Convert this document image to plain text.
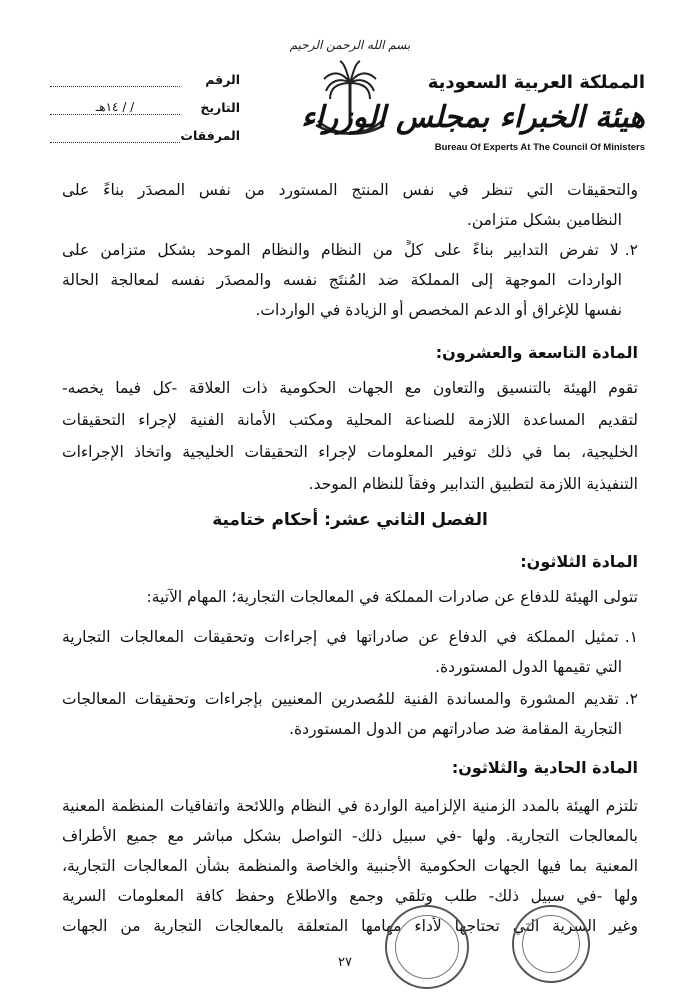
بسم الله الرحمن الرحيم
المملكة العربية السعودية
هيئة الخبراء بمجلس الوزراء
Bureau Of Experts At The Council Of Ministers
الرقم
التاريخ
/ / ١٤هـ
المرفقات
والتحقيقات التي تنظر في نفس المنتج المستورد من نفس المصدَر بناءً على
النظامين بشكل متزامن.
٢.لا تفرض التدابير بناءً على كلٍّ من النظام والنظام الموحد بشكل متزامن على
الواردات الموجهة إلى المملكة ضد المُنتَج نفسه والمصدَر نفسه لمعالجة الحالة
نفسها للإغراق أو الدعم المخصص أو الزيادة في الواردات.
المادة التاسعة والعشرون:
تقوم الهيئة بالتنسيق والتعاون مع الجهات الحكومية ذات العلاقة -كل فيما يخصه-
لتقديم المساعدة اللازمة للصناعة المحلية ومكتب الأمانة الفنية لإجراء التحقيقات
الخليجية، بما في ذلك توفير المعلومات لإجراء التحقيقات الخليجية واتخاذ الإجراءات
التنفيذية اللازمة لتطبيق التدابير وفقاً للنظام الموحد.
الفصل الثاني عشر: أحكام ختامية
المادة الثلاثون:
تتولى الهيئة للدفاع عن صادرات المملكة في المعالجات التجارية؛ المهام الآتية:
١.تمثيل المملكة في الدفاع عن صادراتها في إجراءات وتحقيقات المعالجات التجارية
التي تقيمها الدول المستوردة.
٢.تقديم المشورة والمساندة الفنية للمُصدرين المعنيين بإجراءات وتحقيقات المعالجات
التجارية المقامة ضد صادراتهم من الدول المستوردة.
المادة الحادية والثلاثون:
تلتزم الهيئة بالمدد الزمنية الإلزامية الواردة في النظام واللائحة واتفاقيات المنظمة المعنية
بالمعالجات التجارية. ولها -في سبيل ذلك- التواصل بشكل مباشر مع جميع الأطراف
المعنية بما فيها الجهات الحكومية الأجنبية والخاصة والمنظمة بشأن المعالجات التجارية،
ولها -في سبيل ذلك- طلب وتلقي وجمع والاطلاع وحفظ كافة المعلومات السرية
وغير السرية التي تحتاجها لأداء مهامها المتعلقة بالمعالجات التجارية من الجهات
٢٧
